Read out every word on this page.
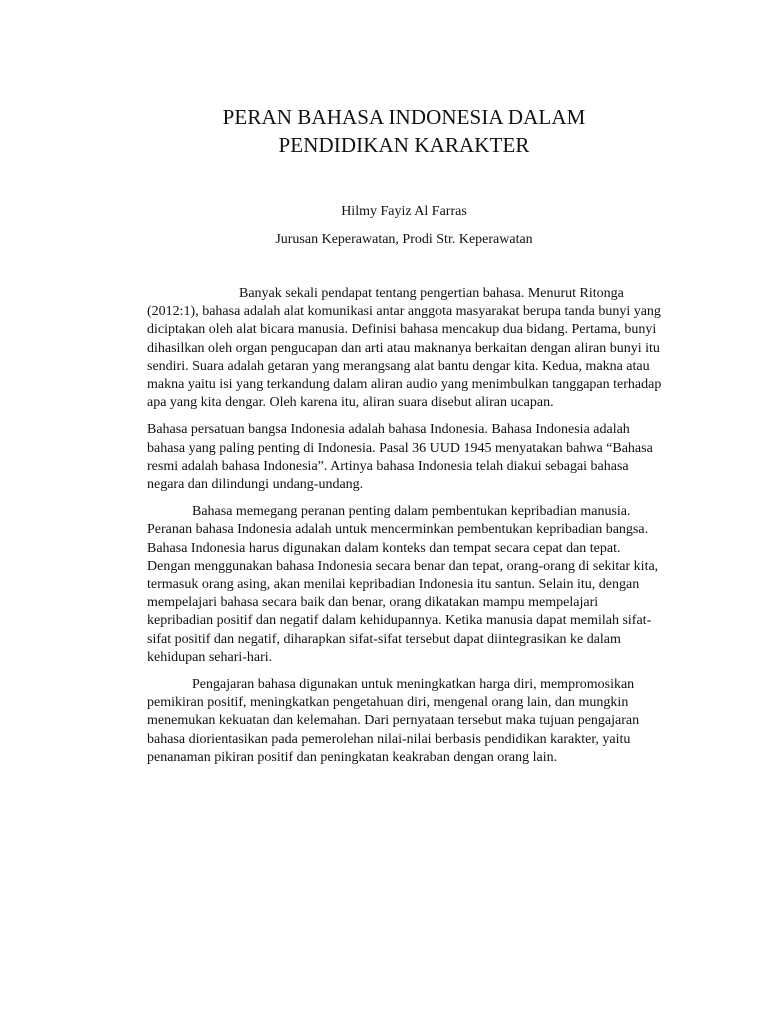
PERAN BAHASA INDONESIA DALAM
PENDIDIKAN KARAKTER

Hilmy Fayiz Al Farras

Jurusan Keperawatan, Prodi Str. Keperawatan

Banyak sekali pendapat tentang pengertian bahasa. Menurut Ritonga (2012:1), bahasa adalah alat komunikasi antar anggota masyarakat berupa tanda bunyi yang diciptakan oleh alat bicara manusia. Definisi bahasa mencakup dua bidang. Pertama, bunyi dihasilkan oleh organ pengucapan dan arti atau maknanya berkaitan dengan aliran bunyi itu sendiri. Suara adalah getaran yang merangsang alat bantu dengar kita. Kedua, makna atau makna yaitu isi yang terkandung dalam aliran audio yang menimbulkan tanggapan terhadap apa yang kita dengar. Oleh karena itu, aliran suara disebut aliran ucapan.

Bahasa persatuan bangsa Indonesia adalah bahasa Indonesia. Bahasa Indonesia adalah bahasa yang paling penting di Indonesia. Pasal 36 UUD 1945 menyatakan bahwa “Bahasa resmi adalah bahasa Indonesia”. Artinya bahasa Indonesia telah diakui sebagai bahasa negara dan dilindungi undang-undang.

Bahasa memegang peranan penting dalam pembentukan kepribadian manusia. Peranan bahasa Indonesia adalah untuk mencerminkan pembentukan kepribadian bangsa. Bahasa Indonesia harus digunakan dalam konteks dan tempat secara cepat dan tepat. Dengan menggunakan bahasa Indonesia secara benar dan tepat, orang-orang di sekitar kita, termasuk orang asing, akan menilai kepribadian Indonesia itu santun. Selain itu, dengan mempelajari bahasa secara baik dan benar, orang dikatakan mampu mempelajari kepribadian positif dan negatif dalam kehidupannya. Ketika manusia dapat memilah sifat-sifat positif dan negatif, diharapkan sifat-sifat tersebut dapat diintegrasikan ke dalam kehidupan sehari-hari.

Pengajaran bahasa digunakan untuk meningkatkan harga diri, mempromosikan pemikiran positif, meningkatkan pengetahuan diri, mengenal orang lain, dan mungkin menemukan kekuatan dan kelemahan. Dari pernyataan tersebut maka tujuan pengajaran bahasa diorientasikan pada pemerolehan nilai-nilai berbasis pendidikan karakter, yaitu penanaman pikiran positif dan peningkatan keakraban dengan orang lain.
